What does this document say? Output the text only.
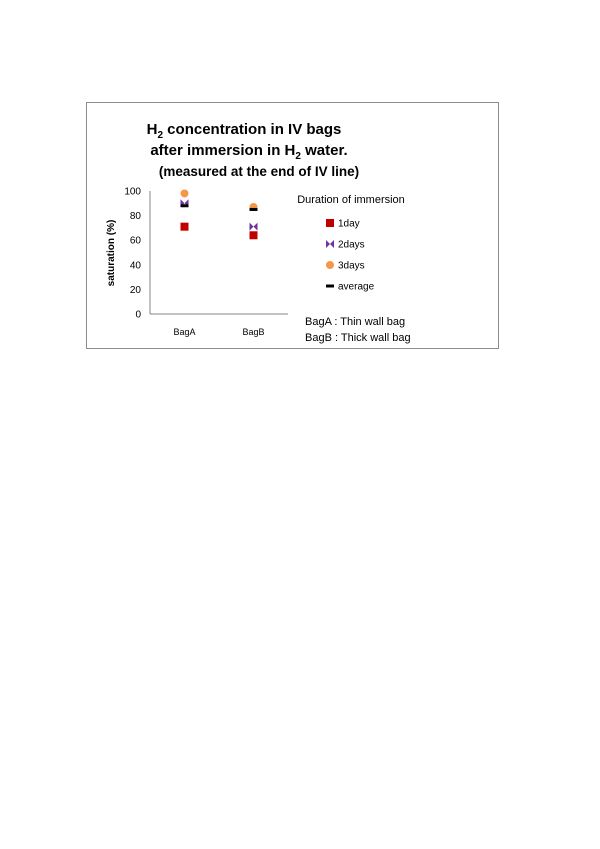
$H_2$ concentration in IV bags
after immersion in $H_2$ water.
(measured at the end of IV line)
saturation (%)
0
20
40
60
80
100
BagA	BagB
Duration of immersion
1day
2days
3days
average
BagA : Thin wall bag
BagB : Thick wall bag
